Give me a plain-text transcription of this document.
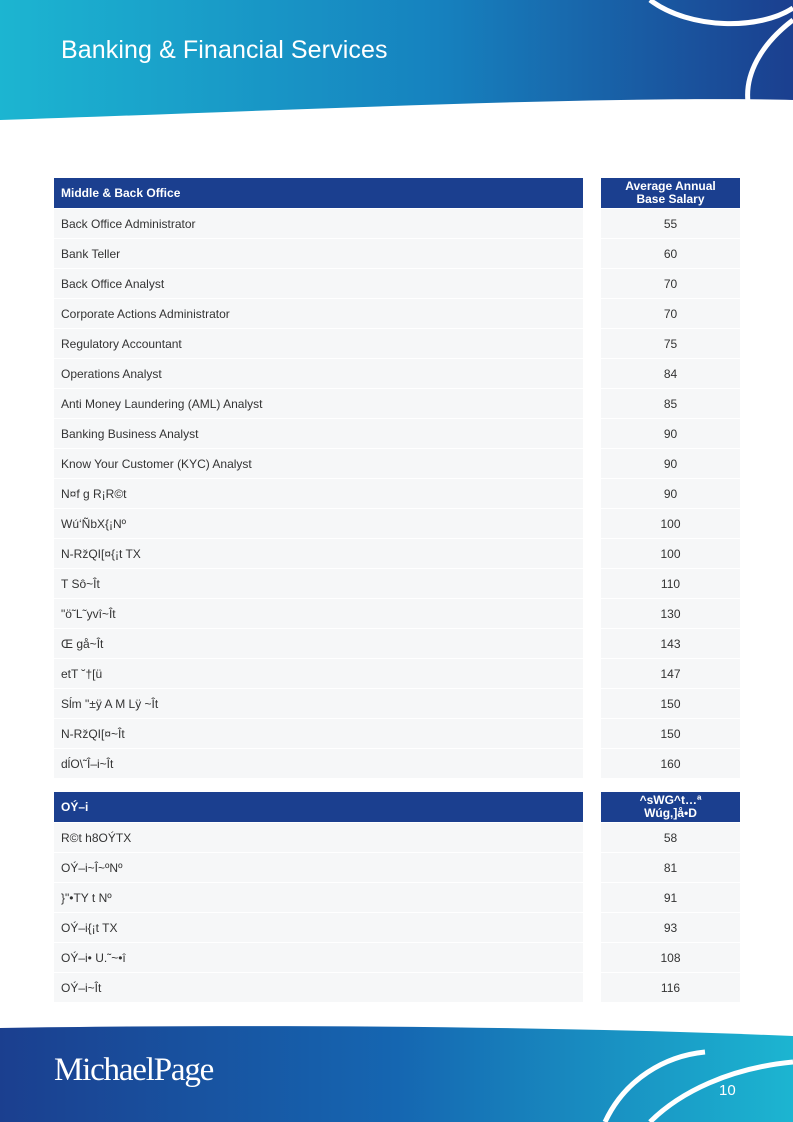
Banking & Financial Services
Middle & Back Office	Average Annual
Base Salary
Back Office Administrator	55
Bank Teller	60
Back Office Analyst	70
Corporate Actions Administrator	70
Regulatory Accountant	75
Operations Analyst	84
Anti Money Laundering (AML) Analyst	85
Banking Business Analyst	90
Know Your Customer (KYC) Analyst	90
N¤f g R¡R©t	90
Wú‘ÑbX{¡Nº	100
N-RžQI[¤{¡t TX	100
T Sô~Ît	110
"ö˜L˜yvî~Ît	130
Œ gå~Ît	143
etT ˘†[ü	147
Sĺm "±ÿ A M Lÿ ~Ît	150
N-RžQI[¤~Ît	150
dĺO\˜Î–i~Ît	160
OÝ–i	^sWG^t…ª
Wúg,]å•D
R©t h8OÝTX	58
OÝ–i~Î~ºNº	81
}"•TY t Nº	91
OÝ–i{¡t TX	93
OÝ–i• U.˜~•î	108
OÝ–i~Ît	116
MichaelPage
10
